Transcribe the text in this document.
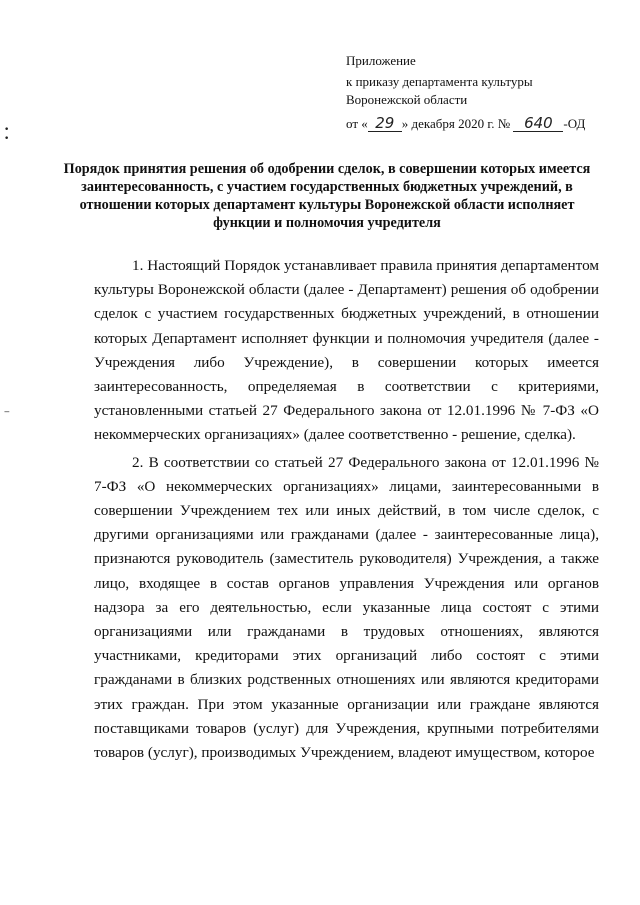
•
•
‒
Приложение
к приказу департамента культуры
Воронежской области
от « 29 » декабря 2020 г. № 640 -ОД
Порядок принятия решения об одобрении сделок, в совершении которых имеется заинтересованность, с участием государственных бюджетных учреждений, в отношении которых департамент культуры Воронежской области исполняет функции и полномочия учредителя

1. Настоящий Порядок устанавливает правила принятия департаментом культуры Воронежской области (далее - Департамент) решения об одобрении сделок с участием государственных бюджетных учреждений, в отношении которых Департамент исполняет функции и полномочия учредителя (далее - Учреждения либо Учреждение), в совершении которых имеется заинтересованность, определяемая в соответствии с критериями, установленными статьей 27 Федерального закона от 12.01.1996 № 7-ФЗ «О некоммерческих организациях» (далее соответственно - решение, сделка).

2. В соответствии со статьей 27 Федерального закона от 12.01.1996 № 7-ФЗ «О некоммерческих организациях» лицами, заинтересованными в совершении Учреждением тех или иных действий, в том числе сделок, с другими организациями или гражданами (далее - заинтересованные лица), признаются руководитель (заместитель руководителя) Учреждения, а также лицо, входящее в состав органов управления Учреждения или органов надзора за его деятельностью, если указанные лица состоят с этими организациями или гражданами в трудовых отношениях, являются участниками, кредиторами этих организаций либо состоят с этими гражданами в близких родственных отношениях или являются кредиторами этих граждан. При этом указанные организации или граждане являются поставщиками товаров (услуг) для Учреждения, крупными потребителями товаров (услуг), производимых Учреждением, владеют имуществом, которое
